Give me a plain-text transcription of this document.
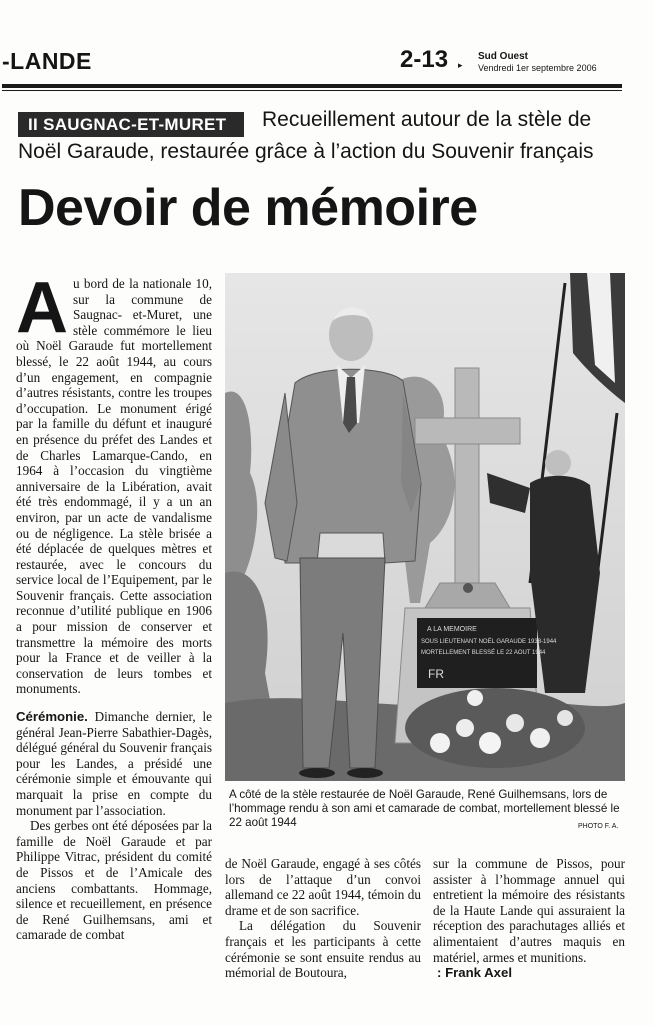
-LANDE	2-13 ▸
Sud Ouest
Vendredi 1er septembre 2006
II SAUGNAC-ET-MURET	Recueillement autour de la stèle de
Noël Garaude, restaurée grâce à l’action du Souvenir français
Devoir de mémoire
A u bord de la nationale 10, sur la commune de Saugnac- et-Muret, une stèle commémore le lieu où Noël Garaude fut mortellement blessé, le 22 août 1944, au cours d’un engagement, en compagnie d’autres résistants, contre les troupes d’occupation. Le monument érigé par la famille du défunt et inauguré en présence du préfet des Landes et de Charles Lamarque-Cando, en 1964 à l’occasion du vingtième anniversaire de la Libération, avait été très endommagé, il y a un an environ, par un acte de vandalisme ou de négligence. La stèle brisée a été déplacée de quelques mètres et restaurée, avec le concours du service local de l’Equipement, par le Souvenir français. Cette association reconnue d’utilité publique en 1906 a pour mission de conserver et transmettre la mémoire des morts pour la France et de veiller à la conservation de leurs tombes et monuments.

Cérémonie. Dimanche dernier, le général Jean-Pierre Sabathier-Dagès, délégué général du Souvenir français pour les Landes, a présidé une cérémonie simple et émouvante qui marquait la prise en compte du monument par l’association.

Des gerbes ont été déposées par la famille de Noël Garaude et par Philippe Vitrac, président du comité de Pissos et de l’Amicale des anciens combattants. Hommage, silence et recueillement, en présence de René Guilhemsans, ami et camarade de combat

de Noël Garaude, engagé à ses côtés lors de l’attaque d’un convoi allemand ce 22 août 1944, témoin du drame et de son sacrifice.

La délégation du Souvenir français et les participants à cette cérémonie se sont ensuite rendus au mémorial de Boutoura,

sur la commune de Pissos, pour assister à l’hommage annuel qui entretient la mémoire des résistants de la Haute Lande qui assuraient la réception des parachutages alliés et alimentaient d’autres maquis en matériel, armes et munitions.

: Frank Axel

A LA MEMOIRE
SOUS LIEUTENANT NOËL GARAUDE 1938-1944
MORTELLEMENT BLESSÉ LE 22 AOUT 1944
FR
A côté de la stèle restaurée de Noël Garaude, René Guilhemsans, lors de l’hommage rendu à son ami et camarade de combat, mortellement blessé le 22 août 1944	PHOTO F. A.
